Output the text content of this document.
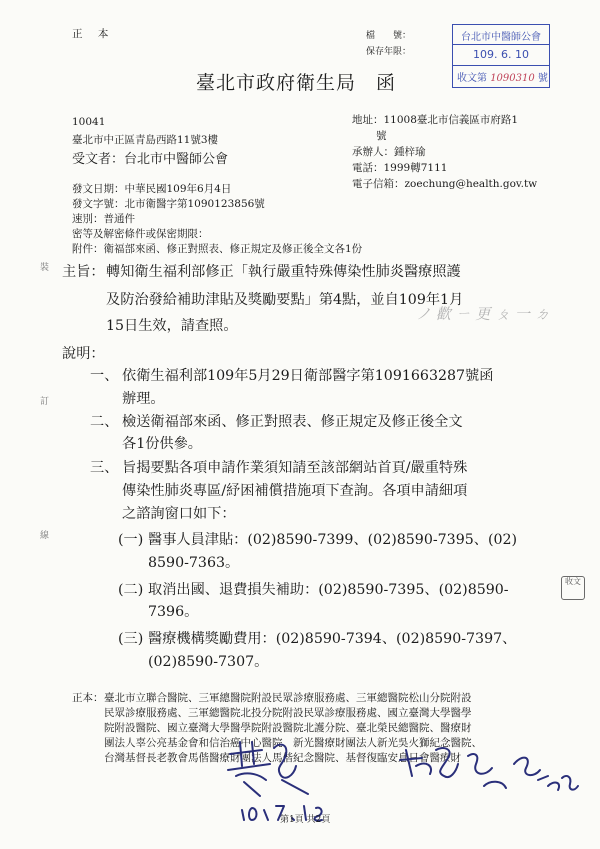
正 本	檔　　號：
保存年限：
台北市中醫師公會
109. 6. 10
收文第 1090310 號
臺北市政府衛生局　函
10041
臺北市中正區青島西路11號3樓
受文者：台北市中醫師公會
地址：11008臺北市信義區市府路1
號
承辦人：鍾梓瑜
電話：1999轉7111
電子信箱：zoechung@health.gov.tw
發文日期：中華民國109年6月4日
發文字號：北市衛醫字第1090123856號
速別：普通件
密等及解密條件或保密期限：
附件：衛福部來函、修正對照表、修正規定及修正後全文各1份
ノ 歡 ㄧ 更 ㄆ 一 ㄉ
主旨： 轉知衛生福利部修正「執行嚴重特殊傳染性肺炎醫療照護
及防治發給補助津貼及獎勵要點」第4點，並自109年1月
15日生效，請查照。
說明：
一、 依衛生福利部109年5月29日衛部醫字第1091663287號函
辦理。
二、 檢送衛福部來函、修正對照表、修正規定及修正後全文
各1份供參。
三、 旨揭要點各項申請作業須知請至該部網站首頁/嚴重特殊
傳染性肺炎專區/紓困補償措施項下查詢。各項申請細項
之諮詢窗口如下：
(一) 醫事人員津貼：(02)8590-7399、(02)8590-7395、(02)
8590-7363。
(二) 取消出國、退費損失補助：(02)8590-7395、(02)8590-
7396。
(三) 醫療機構獎勵費用：(02)8590-7394、(02)8590-7397、
(02)8590-7307。
正本： 臺北市立聯合醫院、三軍總醫院附設民眾診療服務處、三軍總醫院松山分院附設
民眾診療服務處、三軍總醫院北投分院附設民眾診療服務處、國立臺灣大學醫學
院附設醫院、國立臺灣大學醫學院附設醫院北護分院、臺北榮民總醫院、醫療財
團法人辜公亮基金會和信治癌中心醫院、新光醫療財團法人新光吳火獅紀念醫院、
台灣基督長老教會馬偕醫療財團法人馬偕紀念醫院、基督復臨安息日會醫療財
裝
訂
線
收文
第1頁 共2頁
